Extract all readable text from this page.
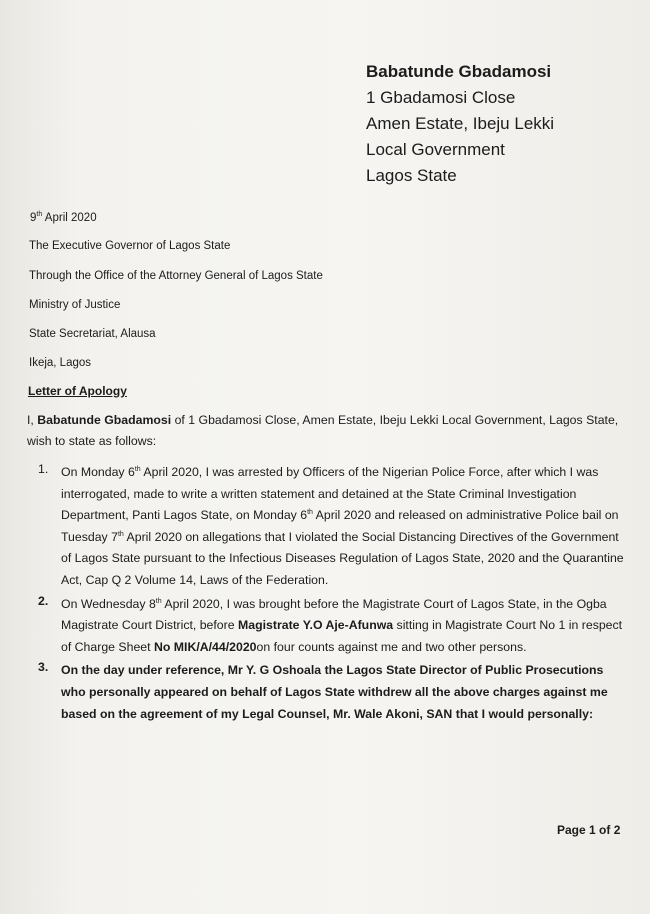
Babatunde Gbadamosi
1 Gbadamosi Close
Amen Estate, Ibeju Lekki
Local Government
Lagos State
9th April 2020
The Executive Governor of Lagos State
Through the Office of the Attorney General of Lagos State
Ministry of Justice
State Secretariat, Alausa
Ikeja, Lagos
Letter of Apology
I, Babatunde Gbadamosi of 1 Gbadamosi Close, Amen Estate, Ibeju Lekki Local Government, Lagos State, wish to state as follows:
1. On Monday 6th April 2020, I was arrested by Officers of the Nigerian Police Force, after which I was interrogated, made to write a written statement and detained at the State Criminal Investigation Department, Panti Lagos State, on Monday 6th April 2020 and released on administrative Police bail on Tuesday 7th April 2020 on allegations that I violated the Social Distancing Directives of the Government of Lagos State pursuant to the Infectious Diseases Regulation of Lagos State, 2020 and the Quarantine Act, Cap Q 2 Volume 14, Laws of the Federation.

2. On Wednesday 8th April 2020, I was brought before the Magistrate Court of Lagos State, in the Ogba Magistrate Court District, before Magistrate Y.O Aje-Afunwa sitting in Magistrate Court No 1 in respect of Charge Sheet No MIK/A/44/2020on four counts against me and two other persons.

3. On the day under reference, Mr Y. G Oshoala the Lagos State Director of Public Prosecutions who personally appeared on behalf of Lagos State withdrew all the above charges against me based on the agreement of my Legal Counsel, Mr. Wale Akoni, SAN that I would personally:

Page 1 of 2
